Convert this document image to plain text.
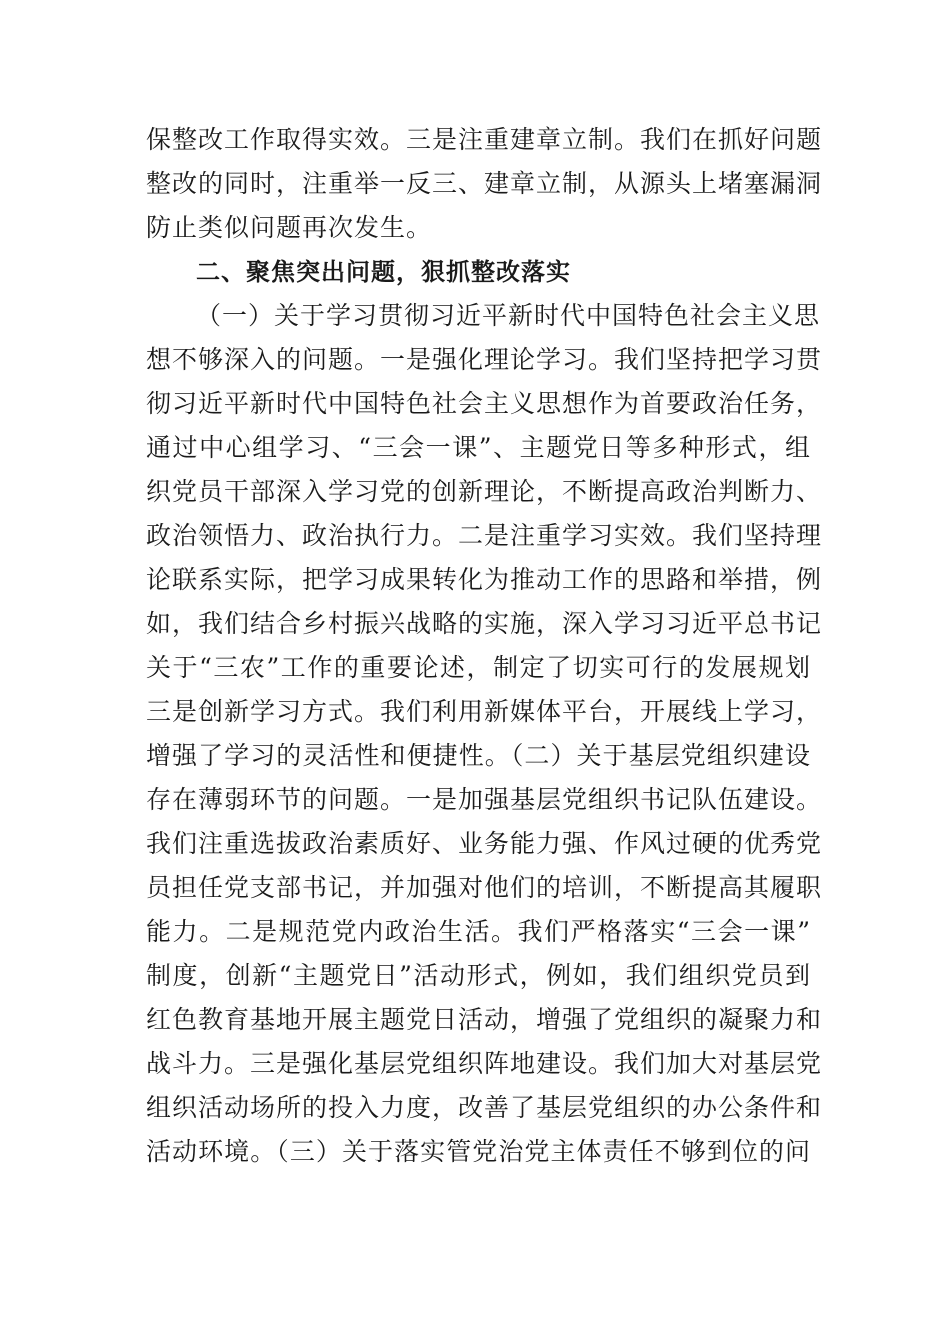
保整改工作取得实效。三是注重建章立制。我们在抓好问题
整改的同时，注重举一反三、建章立制，从源头上堵塞漏洞
防止类似问题再次发生。
二、聚焦突出问题，狠抓整改落实
（一）关于学习贯彻习近平新时代中国特色社会主义思
想不够深入的问题。一是强化理论学习。我们坚持把学习贯
彻习近平新时代中国特色社会主义思想作为首要政治任务，
通过中心组学习、“三会一课”、主题党日等多种形式，组
织党员干部深入学习党的创新理论，不断提高政治判断力、
政治领悟力、政治执行力。二是注重学习实效。我们坚持理
论联系实际，把学习成果转化为推动工作的思路和举措，例
如，我们结合乡村振兴战略的实施，深入学习习近平总书记
关于“三农”工作的重要论述，制定了切实可行的发展规划
三是创新学习方式。我们利用新媒体平台，开展线上学习，
增强了学习的灵活性和便捷性。（二）关于基层党组织建设
存在薄弱环节的问题。一是加强基层党组织书记队伍建设。
我们注重选拔政治素质好、业务能力强、作风过硬的优秀党
员担任党支部书记，并加强对他们的培训，不断提高其履职
能力。二是规范党内政治生活。我们严格落实“三会一课”
制度，创新“主题党日”活动形式，例如，我们组织党员到
红色教育基地开展主题党日活动，增强了党组织的凝聚力和
战斗力。三是强化基层党组织阵地建设。我们加大对基层党
组织活动场所的投入力度，改善了基层党组织的办公条件和
活动环境。（三）关于落实管党治党主体责任不够到位的问
